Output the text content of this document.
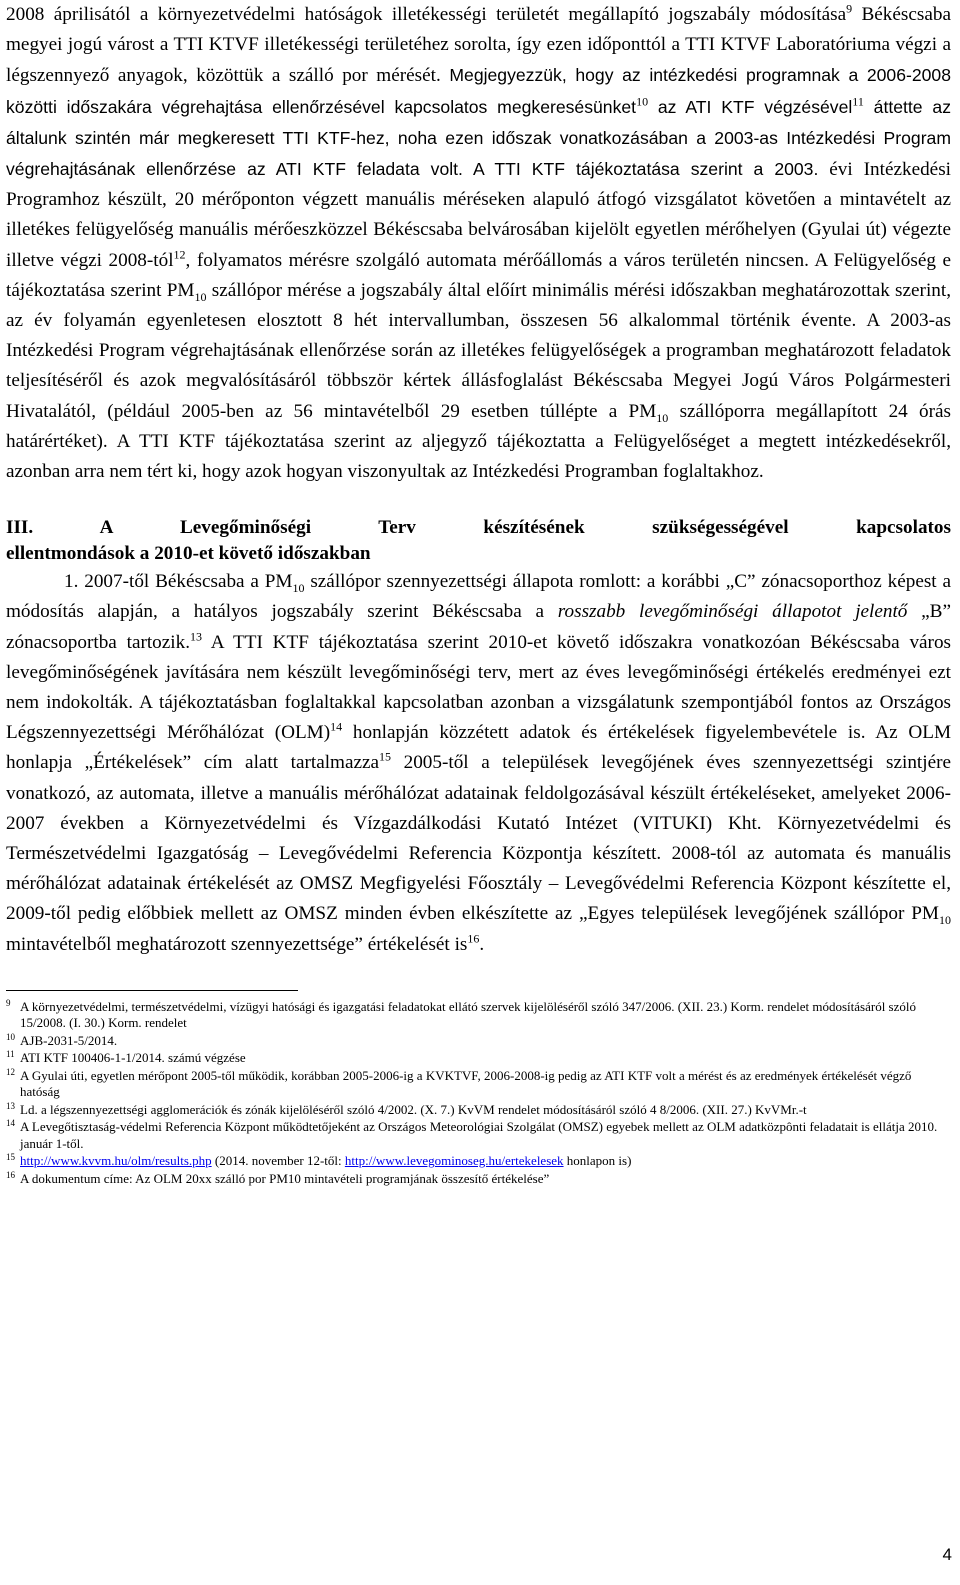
2008 áprilisától a környezetvédelmi hatóságok illetékességi területét megállapító jogszabály módosítása$^9$ Békéscsaba megyei jogú várost a TTI KTVF illetékességi területéhez sorolta, így ezen időponttól a TTI KTVF Laboratóriuma végzi a légszennyező anyagok, közöttük a szálló por mérését. Megjegyezzük, hogy az intézkedési programnak a 2006-2008 közötti időszakára végrehajtása ellenőrzésével kapcsolatos megkeresésünket$^{10}$ az ATI KTF végzésével$^{11}$ áttette az általunk szintén már megkeresett TTI KTF-hez, noha ezen időszak vonatkozásában a 2003-as Intézkedési Program végrehajtásának ellenőrzése az ATI KTF feladata volt. A TTI KTF tájékoztatása szerint a 2003. évi Intézkedési Programhoz készült, 20 mérőponton végzett manuális méréseken alapuló átfogó vizsgálatot követően a mintavételt az illetékes felügyelőség manuális mérőeszközzel Békéscsaba belvárosában kijelölt egyetlen mérőhelyen (Gyulai út) végezte illetve végzi 2008-tól$^{12}$, folyamatos mérésre szolgáló automata mérőállomás a város területén nincsen. A Felügyelőség e tájékoztatása szerint $PM_{10}$ szállópor mérése a jogszabály által előírt minimális mérési időszakban meghatározottak szerint, az év folyamán egyenletesen elosztott 8 hét intervallumban, összesen 56 alkalommal történik évente. A 2003-as Intézkedési Program végrehajtásának ellenőrzése során az illetékes felügyelőségek a programban meghatározott feladatok teljesítéséről és azok megvalósításáról többször kértek állásfoglalást Békéscsaba Megyei Jogú Város Polgármesteri Hivatalától, (például 2005-ben az 56 mintavételből 29 esetben túllépte a $PM_{10}$ szállóporra megállapított 24 órás határértéket). A TTI KTF tájékoztatása szerint az aljegyző tájékoztatta a Felügyelőséget a megtett intézkedésekről, azonban arra nem tért ki, hogy azok hogyan viszonyultak az Intézkedési Programban foglaltakhoz.

III. A Levegőminőségi Terv készítésének szükségességével kapcsolatos
ellentmondások a 2010-et követő időszakban

1. 2007-től Békéscsaba a $PM_{10}$ szállópor szennyezettségi állapota romlott: a korábbi „C” zónacsoporthoz képest a módosítás alapján, a hatályos jogszabály szerint Békéscsaba a rosszabb levegőminőségi állapotot jelentő „B” zónacsoportba tartozik.$^{13}$ A TTI KTF tájékoztatása szerint 2010-et követő időszakra vonatkozóan Békéscsaba város levegőminőségének javítására nem készült levegőminőségi terv, mert az éves levegőminőségi értékelés eredményei ezt nem indokolták. A tájékoztatásban foglaltakkal kapcsolatban azonban a vizsgálatunk szempontjából fontos az Országos Légszennyezettségi Mérőhálózat (OLM)$^{14}$ honlapján közzétett adatok és értékelések figyelembevétele is. Az OLM honlapja „Értékelések” cím alatt tartalmazza$^{15}$ 2005-től a települések levegőjének éves szennyezettségi szintjére vonatkozó, az automata, illetve a manuális mérőhálózat adatainak feldolgozásával készült értékeléseket, amelyeket 2006-2007 években a Környezetvédelmi és Vízgazdálkodási Kutató Intézet (VITUKI) Kht. Környezetvédelmi és Természetvédelmi Igazgatóság – Levegővédelmi Referencia Központja készített. 2008-tól az automata és manuális mérőhálózat adatainak értékelését az OMSZ Megfigyelési Főosztály – Levegővédelmi Referencia Központ készítette el, 2009-től pedig előbbiek mellett az OMSZ minden évben elkészítette az „Egyes települések levegőjének szállópor $PM_{10}$ mintavételből meghatározott szennyezettsége” értékelését $is^{16}$.

9 A környezetvédelmi, természetvédelmi, vízügyi hatósági és igazgatási feladatokat ellátó szervek kijelöléséről szóló 347/2006. (XII. 23.) Korm. rendelet módosításáról szóló 15/2008. (I. 30.) Korm. rendelet

10 AJB-2031-5/2014.

11 ATI KTF 100406-1-1/2014. számú végzése

12 A Gyulai úti, egyetlen mérőpont 2005-től működik, korábban 2005-2006-ig a KVKTVF, 2006-2008-ig pedig az ATI KTF volt a mérést és az eredmények értékelését végző hatóság

13 Ld. a légszennyezettségi agglomerációk és zónák kijelöléséről szóló 4/2002. (X. 7.) KvVM rendelet módosításáról szóló 4 8/2006. (XII. 27.) KvVMr.-t

14 A Levegőtisztaság-védelmi Referencia Központ működtetőjeként az Országos Meteorológiai Szolgálat (OMSZ) egyebek mellett az OLM adatközpônti feladatait is ellátja 2010. január 1-től.

15 http://www.kvvm.hu/olm/results.php (2014. november 12-től: http://www.levegominoseg.hu/ertekelesek honlapon is)

16 A dokumentum címe: Az OLM 20xx szálló por PM10 mintavételi programjának összesítő értékelése”

4
